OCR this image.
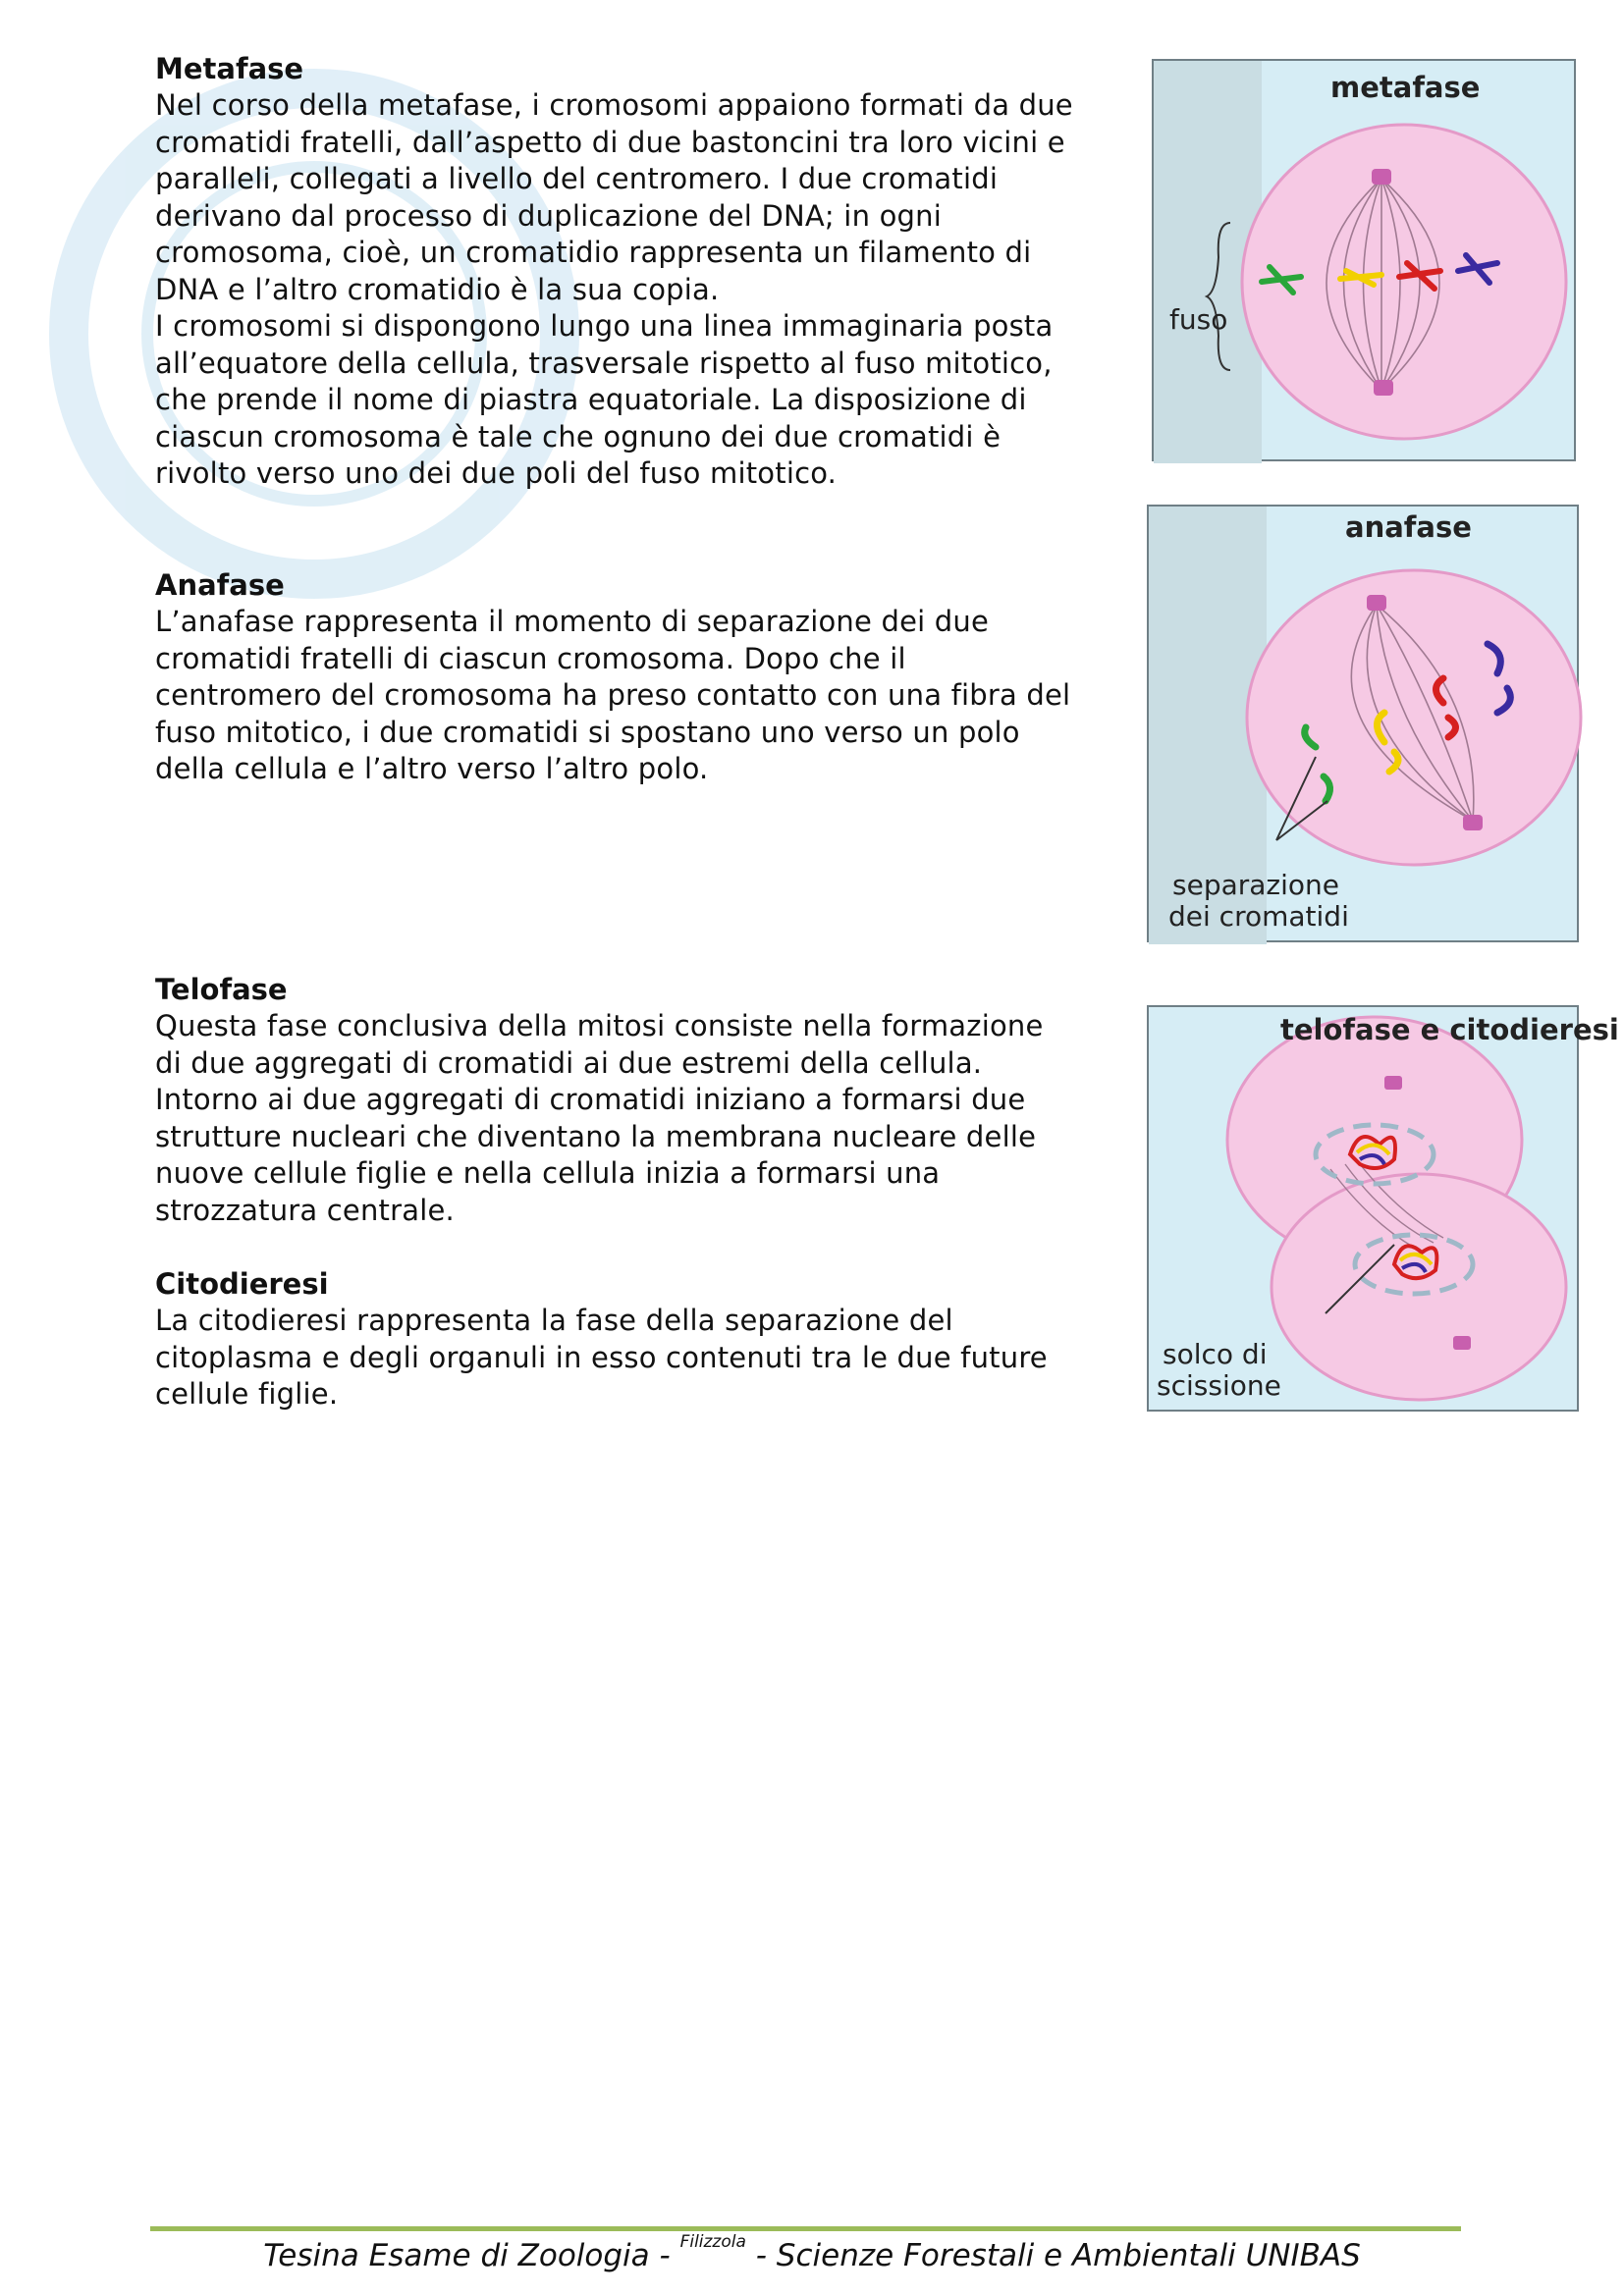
Metafase

Nel corso della metafase, i cromosomi appaiono formati da due

cromatidi fratelli, dall’aspetto di due bastoncini tra loro vicini e

paralleli, collegati a livello del centromero. I due cromatidi

derivano dal processo di duplicazione del DNA; in ogni

cromosoma, cioè, un cromatidio rappresenta un filamento di

DNA e l’altro cromatidio è la sua copia.

I cromosomi si dispongono lungo una linea immaginaria posta

all’equatore della cellula, trasversale rispetto al fuso mitotico,

che prende il nome di piastra equatoriale. La disposizione di

ciascun cromosoma è tale che ognuno dei due cromatidi è

rivolto verso uno dei due poli del fuso mitotico.

Anafase

L’anafase rappresenta il momento di separazione dei due

cromatidi fratelli di ciascun cromosoma. Dopo che il

centromero del cromosoma ha preso contatto con una fibra del

fuso mitotico, i due cromatidi si spostano uno verso un polo

della cellula e l’altro verso l’altro polo.

Telofase

Questa fase conclusiva della mitosi consiste nella formazione

di due aggregati di cromatidi ai due estremi della cellula.

Intorno ai due aggregati di cromatidi iniziano a formarsi due

strutture nucleari che diventano la membrana nucleare delle

nuove cellule figlie e nella cellula inizia a formarsi una

strozzatura centrale.

Citodieresi

La citodieresi rappresenta la fase della separazione del

citoplasma e degli organuli in esso contenuti tra le due future

cellule figlie.

metafase
fuso
anafase
separazione
dei cromatidi
telofase e citodieresi
solco di
scissione
Tesina Esame di Zoologia - $^{Filizzola}$ - Scienze Forestali e Ambientali UNIBAS
